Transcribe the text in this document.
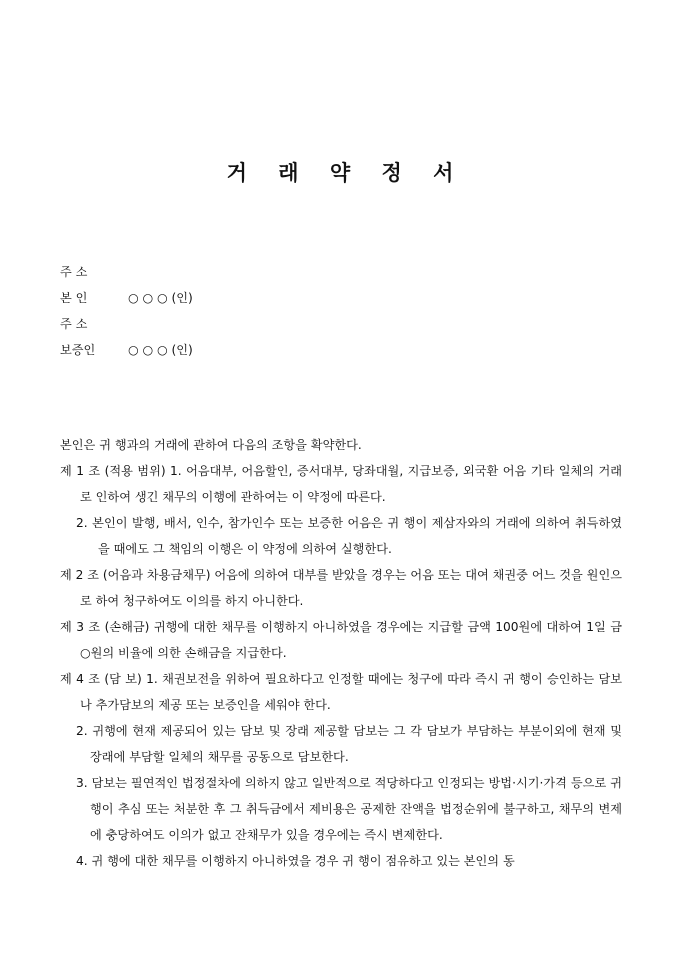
거 래 약 정 서
주 소
본 인	○ ○ ○ (인)
주 소
보증인	○ ○ ○ (인)
본인은 귀 행과의 거래에 관하여 다음의 조항을 확약한다.
제 1 조 (적용 범위) 1. 어음대부, 어음할인, 증서대부, 당좌대월, 지급보증, 외국환 어음 기타 일체의 거래로 인하여 생긴 채무의 이행에 관하여는 이 약정에 따른다.
2. 본인이 발행, 배서, 인수, 참가인수 또는 보증한 어음은 귀 행이 제삼자와의 거래에 의하여 취득하였을 때에도 그 책임의 이행은 이 약정에 의하여 실행한다.
제 2 조 (어음과 차용금채무) 어음에 의하여 대부를 받았을 경우는 어음 또는 대여 채권중 어느 것을 원인으로 하여 청구하여도 이의를 하지 아니한다.
제 3 조 (손해금) 귀행에 대한 채무를 이행하지 아니하였을 경우에는 지급할 금액 100원에 대하여 1일 금 ○원의 비율에 의한 손해금을 지급한다.
제 4 조 (담 보) 1. 채권보전을 위하여 필요하다고 인정할 때에는 청구에 따라 즉시 귀 행이 승인하는 담보나 추가담보의 제공 또는 보증인을 세워야 한다.
2. 귀행에 현재 제공되어 있는 담보 및 장래 제공할 담보는 그 각 담보가 부담하는 부분이외에 현재 및 장래에 부담할 일체의 채무를 공동으로 담보한다.
3. 담보는 필연적인 법정절차에 의하지 않고 일반적으로 적당하다고 인정되는 방법·시기·가격 등으로 귀행이 추심 또는 처분한 후 그 취득금에서 제비용은 공제한 잔액을 법정순위에 불구하고, 채무의 변제에 충당하여도 이의가 없고 잔채무가 있을 경우에는 즉시 변제한다.
4. 귀 행에 대한 채무를 이행하지 아니하였을 경우 귀 행이 점유하고 있는 본인의 동
